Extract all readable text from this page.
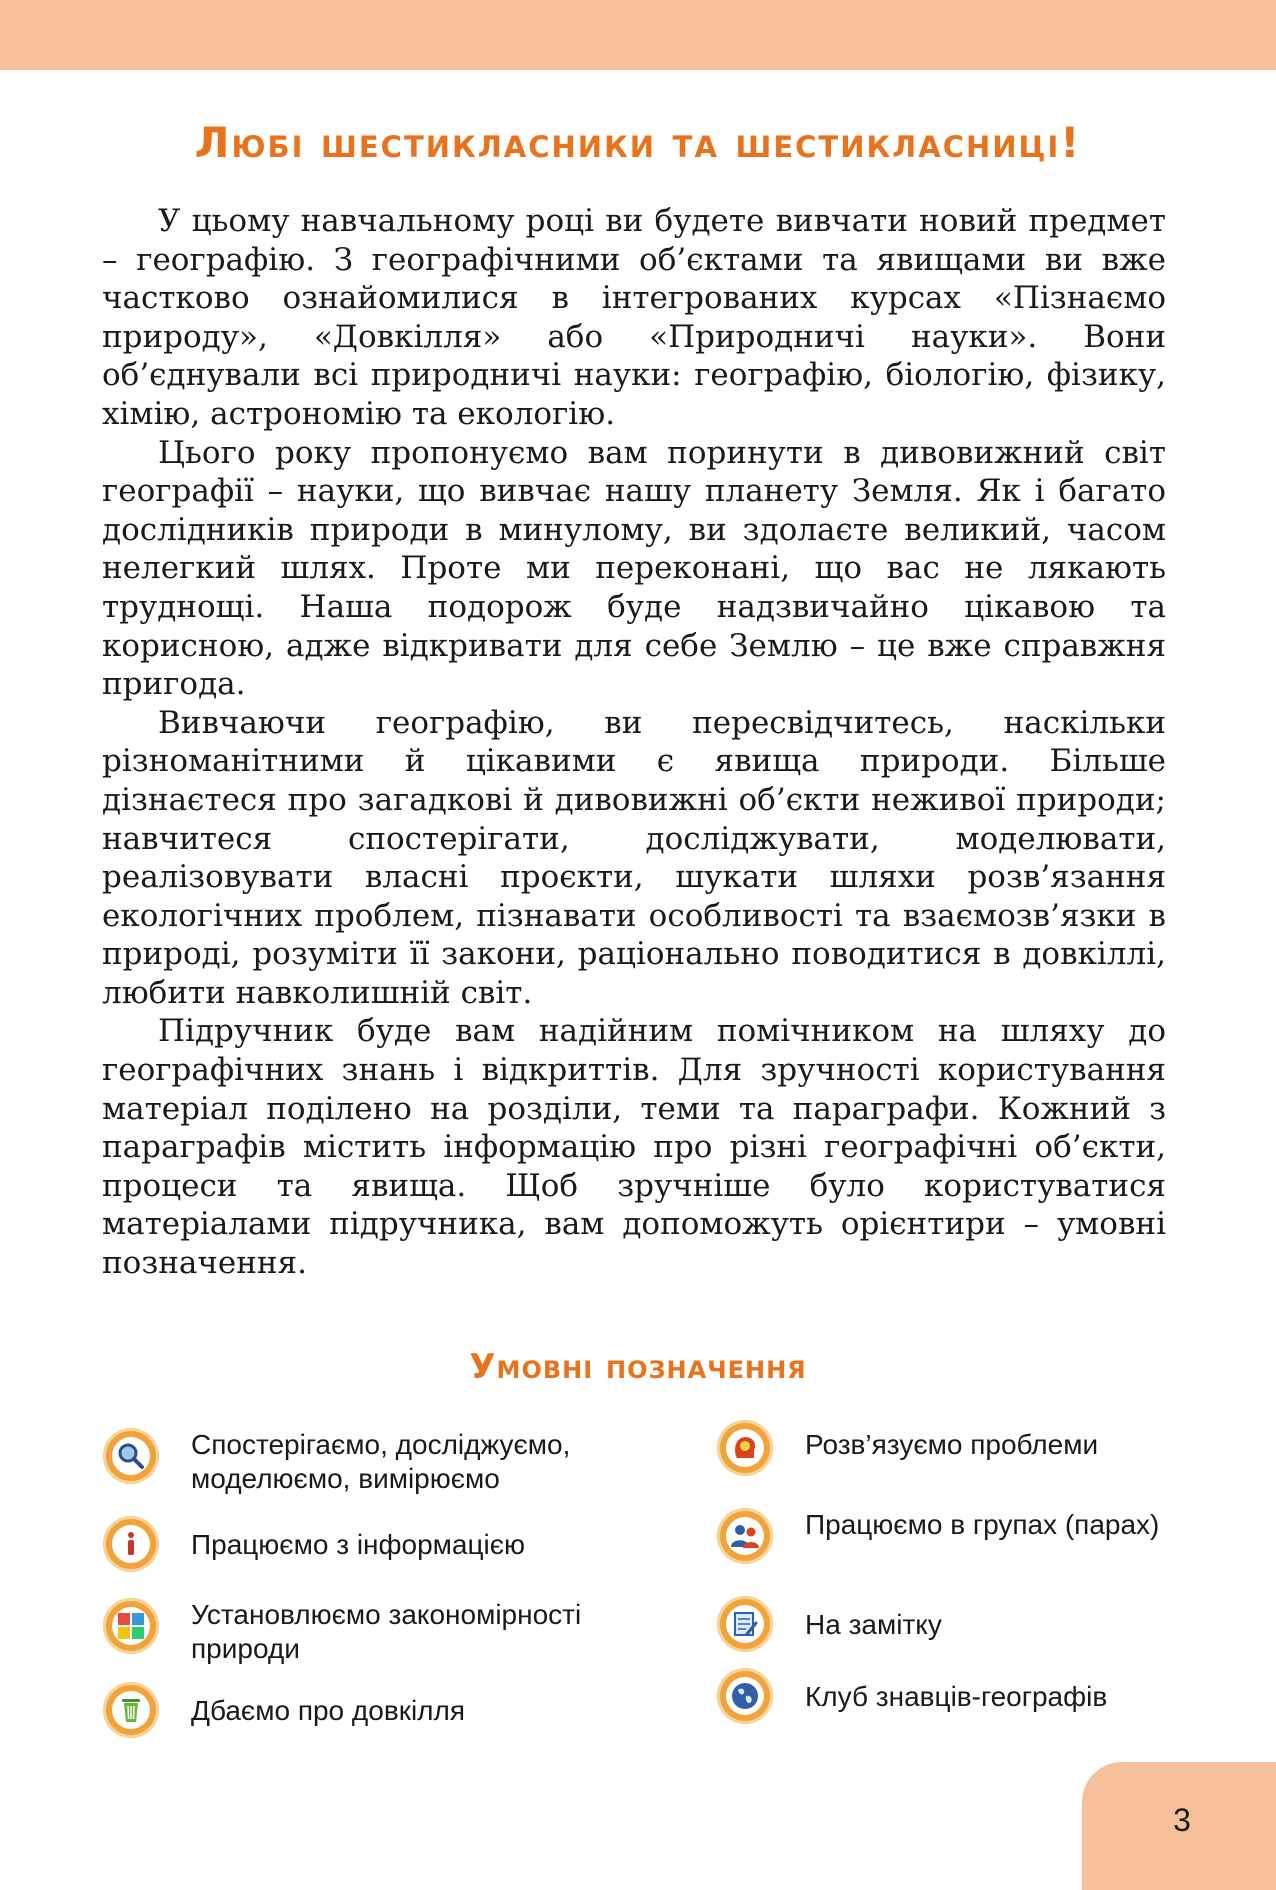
Любі шестикласники та шестикласниці!

У цьому навчальному році ви будете вивчати новий предмет – географію. З географічними об’єктами та явищами ви вже частково ознайомилися в інтегрованих курсах «Пізнаємо природу», «Довкілля» або «Природничі науки». Вони об’єднували всі природничі науки: географію, біологію, фізику, хімію, астрономію та екологію.

Цього року пропонуємо вам поринути в дивовижний світ географії – науки, що вивчає нашу планету Земля. Як і багато дослідників природи в минулому, ви здолаєте великий, часом нелегкий шлях. Проте ми переконані, що вас не лякають труднощі. Наша подорож буде надзвичайно цікавою та корисною, адже відкривати для себе Землю – це вже справжня пригода.

Вивчаючи географію, ви пересвідчитесь, наскільки різноманітними й цікавими є явища природи. Більше дізнаєтеся про загадкові й дивовижні об’єкти неживої природи; навчитеся спостерігати, досліджувати, моделювати, реалізовувати власні проєкти, шукати шляхи розв’язання екологічних проблем, пізнавати особливості та взаємозв’язки в природі, розуміти її закони, раціонально поводитися в довкіллі, любити навколишній світ.

Підручник буде вам надійним помічником на шляху до географічних знань і відкриттів. Для зручності користування матеріал поділено на розділи, теми та параграфи. Кожний з параграфів містить інформацію про різні географічні об’єкти, процеси та явища. Щоб зручніше було користуватися матеріалами підручника, вам допоможуть орієнтири – умовні позначення.

Умовні позначення
Спостерігаємо, досліджуємо, моделюємо, вимірюємо
Працюємо з інформацією
Установлюємо закономірності природи
Дбаємо про довкілля
Розв’язуємо проблеми
Працюємо в групах (парах)
На замітку
Клуб знавців-географів
3
